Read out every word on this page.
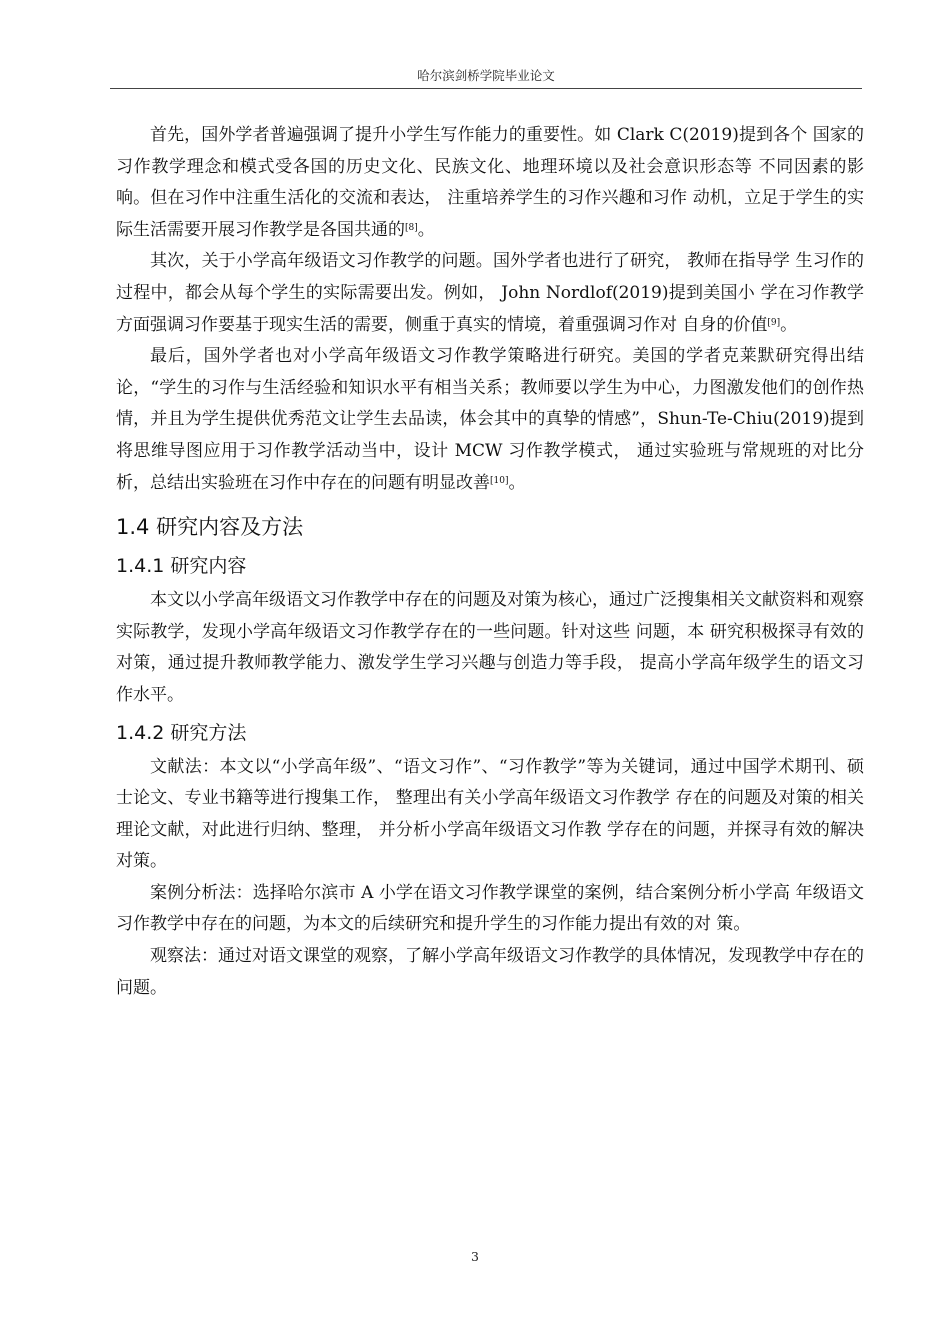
哈尔滨剑桥学院毕业论文

首先，国外学者普遍强调了提升小学生写作能力的重要性。如 Clark C(2019)提到各个 国家的习作教学理念和模式受各国的历史文化、民族文化、地理环境以及社会意识形态等 不同因素的影响。但在习作中注重生活化的交流和表达， 注重培养学生的习作兴趣和习作 动机，立足于学生的实际生活需要开展习作教学是各国共通的[8]。

其次，关于小学高年级语文习作教学的问题。国外学者也进行了研究， 教师在指导学 生习作的过程中，都会从每个学生的实际需要出发。例如， John Nordlof(2019)提到美国小 学在习作教学方面强调习作要基于现实生活的需要，侧重于真实的情境，着重强调习作对 自身的价值[9]。

最后，国外学者也对小学高年级语文习作教学策略进行研究。美国的学者克莱默研究得出结论，“学生的习作与生活经验和知识水平有相当关系；教师要以学生为中心，力图激发他们的创作热情，并且为学生提供优秀范文让学生去品读，体会其中的真挚的情感”，Shun-Te-Chiu(2019)提到将思维导图应用于习作教学活动当中，设计 MCW 习作教学模式， 通过实验班与常规班的对比分析，总结出实验班在习作中存在的问题有明显改善[10]。

1.4 研究内容及方法
1.4.1 研究内容

本文以小学高年级语文习作教学中存在的问题及对策为核心，通过广泛搜集相关文献资料和观察实际教学，发现小学高年级语文习作教学存在的一些问题。针对这些 问题，本 研究积极探寻有效的对策，通过提升教师教学能力、激发学生学习兴趣与创造力等手段， 提高小学高年级学生的语文习作水平。

1.4.2 研究方法

文献法：本文以“小学高年级”、“语文习作”、“习作教学”等为关键词，通过中国学术期刊、硕士论文、专业书籍等进行搜集工作， 整理出有关小学高年级语文习作教学 存在的问题及对策的相关理论文献，对此进行归纳、整理， 并分析小学高年级语文习作教 学存在的问题，并探寻有效的解决对策。

案例分析法：选择哈尔滨市 A 小学在语文习作教学课堂的案例，结合案例分析小学高 年级语文习作教学中存在的问题，为本文的后续研究和提升学生的习作能力提出有效的对 策。

观察法：通过对语文课堂的观察，了解小学高年级语文习作教学的具体情况，发现教学中存在的问题。

3
